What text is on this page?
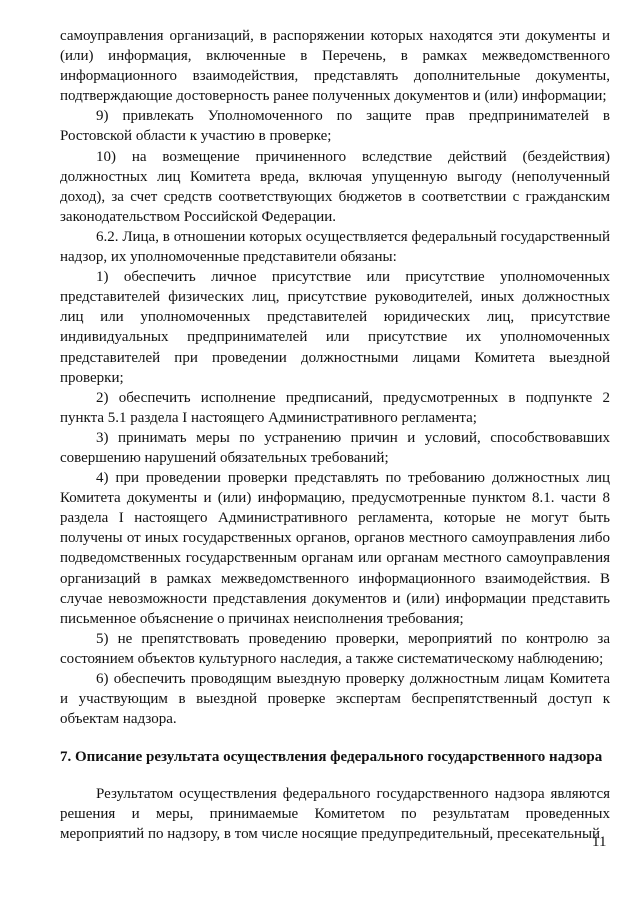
самоуправления организаций, в распоряжении которых находятся эти документы и (или) информация, включенные в Перечень, в рамках межведомственного информационного взаимодействия, представлять дополнительные документы, подтверждающие достоверность ранее полученных документов и (или) информации;

9) привлекать Уполномоченного по защите прав предпринимателей в Ростовской области к участию в проверке;

10) на возмещение причиненного вследствие действий (бездействия) должностных лиц Комитета вреда, включая упущенную выгоду (неполученный доход), за счет средств соответствующих бюджетов в соответствии с гражданским законодательством Российской Федерации.

6.2. Лица, в отношении которых осуществляется федеральный государственный надзор, их уполномоченные представители обязаны:

1) обеспечить личное присутствие или присутствие уполномоченных представителей физических лиц, присутствие руководителей, иных должностных лиц или уполномоченных представителей юридических лиц, присутствие индивидуальных предпринимателей или присутствие их уполномоченных представителей при проведении должностными лицами Комитета выездной проверки;

2) обеспечить исполнение предписаний, предусмотренных в подпункте 2 пункта 5.1 раздела I настоящего Административного регламента;

3) принимать меры по устранению причин и условий, способствовавших совершению нарушений обязательных требований;

4) при проведении проверки представлять по требованию должностных лиц Комитета документы и (или) информацию, предусмотренные пунктом 8.1. части 8 раздела I настоящего Административного регламента, которые не могут быть получены от иных государственных органов, органов местного самоуправления либо подведомственных государственным органам или органам местного самоуправления организаций в рамках межведомственного информационного взаимодействия. В случае невозможности представления документов и (или) информации представить письменное объяснение о причинах неисполнения требования;

5) не препятствовать проведению проверки, мероприятий по контролю за состоянием объектов культурного наследия, а также систематическому наблюдению;

6) обеспечить проводящим выездную проверку должностным лицам Комитета и участвующим в выездной проверке экспертам беспрепятственный доступ к объектам надзора.

7. Описание результата осуществления федерального государственного надзора

Результатом осуществления федерального государственного надзора являются решения и меры, принимаемые Комитетом по результатам проведенных мероприятий по надзору, в том числе носящие предупредительный, пресекательный

11
